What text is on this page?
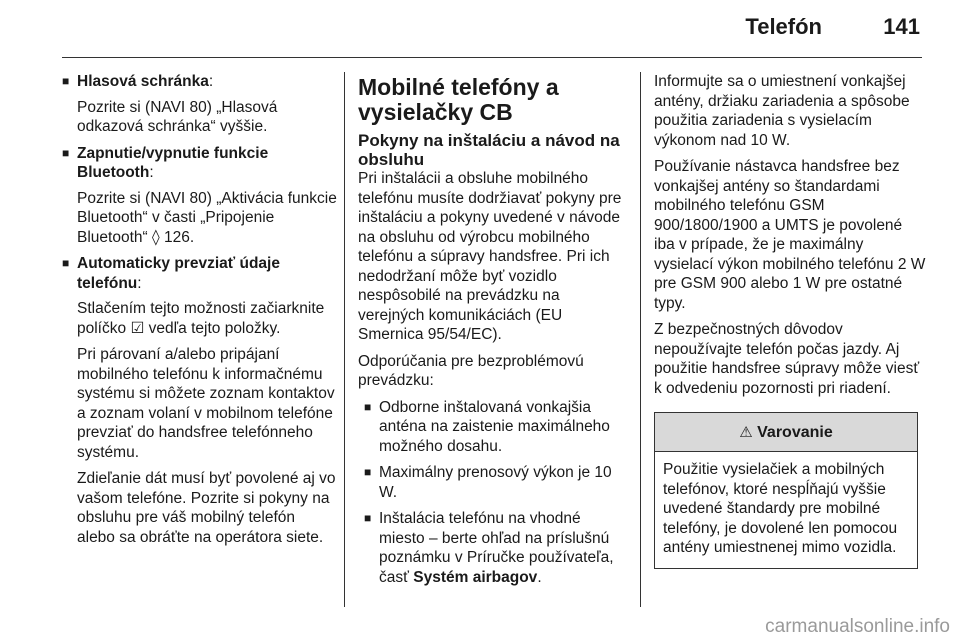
Telefón	141
■ Hlasová schránka:
Pozrite si (NAVI 80) „Hlasová odkazová schránka“ vyššie.
■ Zapnutie/vypnutie funkcie Bluetooth:
Pozrite si (NAVI 80) „Aktivácia funkcie Bluetooth“ v časti „Pripojenie Bluetooth“ ◊ 126.
■ Automaticky prevziať údaje telefónu:

Stlačením tejto možnosti začiarknite políčko ☑ vedľa tejto položky.

Pri párovaní a/alebo pripájaní mobilného telefónu k informačnému systému si môžete zoznam kontaktov a zoznam volaní v mobilnom telefóne prevziať do handsfree telefónneho systému.

Zdieľanie dát musí byť povolené aj vo vašom telefóne. Pozrite si pokyny na obsluhu pre váš mobilný telefón alebo sa obráťte na operátora siete.

Mobilné telefóny a vysielačky CB
Pokyny na inštaláciu a návod na obsluhu

Pri inštalácii a obsluhe mobilného telefónu musíte dodržiavať pokyny pre inštaláciu a pokyny uvedené v návode na obsluhu od výrobcu mobilného telefónu a súpravy handsfree. Pri ich nedodržaní môže byť vozidlo nespôsobilé na prevádzku na verejných komunikáciách (EU Smernica 95/54/EC).

Odporúčania pre bezproblémovú prevádzku:

■ Odborne inštalovaná vonkajšia anténa na zaistenie maximálneho možného dosahu.
■ Maximálny prenosový výkon je 10 W.
■ Inštalácia telefónu na vhodné miesto – berte ohľad na príslušnú poznámku v Príručke používateľa, časť Systém airbagov.

Informujte sa o umiestnení vonkajšej antény, držiaku zariadenia a spôsobe použitia zariadenia s vysielacím výkonom nad 10 W.

Používanie nástavca handsfree bez vonkajšej antény so štandardami mobilného telefónu GSM 900/1800/1900 a UMTS je povolené iba v prípade, že je maximálny vysielací výkon mobilného telefónu 2 W pre GSM 900 alebo 1 W pre ostatné typy.

Z bezpečnostných dôvodov nepoužívajte telefón počas jazdy. Aj použitie handsfree súpravy môže viesť k odvedeniu pozornosti pri riadení.

⚠ Varovanie
Použitie vysielačiek a mobilných telefónov, ktoré nespĺňajú vyššie uvedené štandardy pre mobilné telefóny, je dovolené len pomocou antény umiestnenej mimo vozidla.
carmanualsonline.info
